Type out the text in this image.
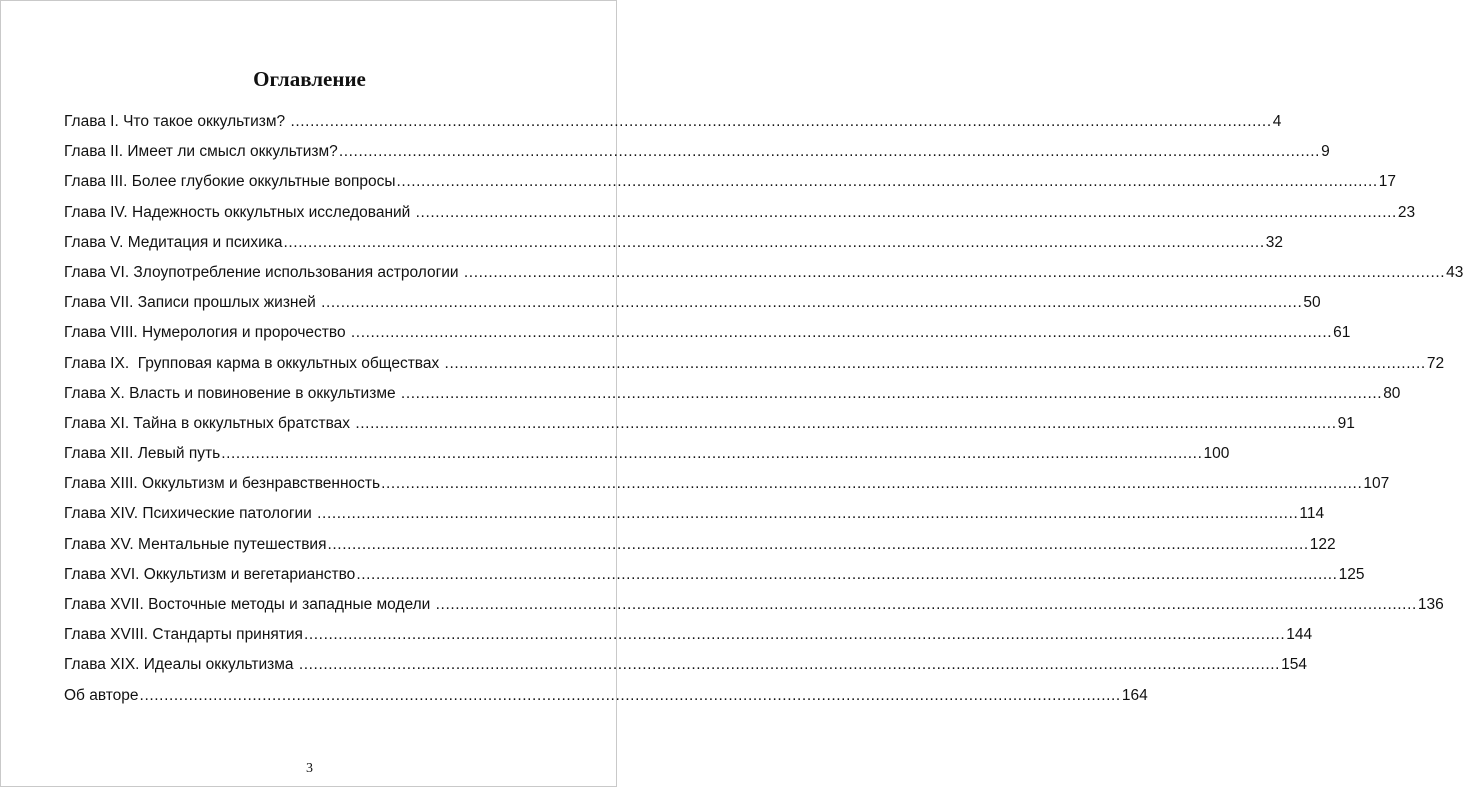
Оглавление
Глава I. Что такое оккультизм? ........................................................................................................................................................................................................ 4
Глава II. Имеет ли смысл оккультизм? ........................................................................................................................................................................................................ 9
Глава III. Более глубокие оккультные вопросы ........................................................................................................................................................................................................ 17
Глава IV. Надежность оккультных исследований ........................................................................................................................................................................................................ 23
Глава V. Медитация и психика ........................................................................................................................................................................................................ 32
Глава VI. Злоупотребление использования астрологии ........................................................................................................................................................................................................ 43
Глава VII. Записи прошлых жизней ........................................................................................................................................................................................................ 50
Глава VIII. Нумерология и пророчество ........................................................................................................................................................................................................ 61
Глава IX.  Групповая карма в оккультных обществах ........................................................................................................................................................................................................ 72
Глава X. Власть и повиновение в оккультизме ........................................................................................................................................................................................................ 80
Глава XI. Тайна в оккультных братствах ........................................................................................................................................................................................................ 91
Глава XII. Левый путь ........................................................................................................................................................................................................ 100
Глава XIII. Оккультизм и безнравственность ........................................................................................................................................................................................................ 107
Глава XIV. Психические патологии ........................................................................................................................................................................................................ 114
Глава XV. Ментальные путешествия ........................................................................................................................................................................................................ 122
Глава XVI. Оккультизм и вегетарианство ........................................................................................................................................................................................................ 125
Глава XVII. Восточные методы и западные модели ........................................................................................................................................................................................................ 136
Глава XVIII. Стандарты принятия ........................................................................................................................................................................................................ 144
Глава XIX. Идеалы оккультизма ........................................................................................................................................................................................................ 154
Об авторе ........................................................................................................................................................................................................ 164
3
